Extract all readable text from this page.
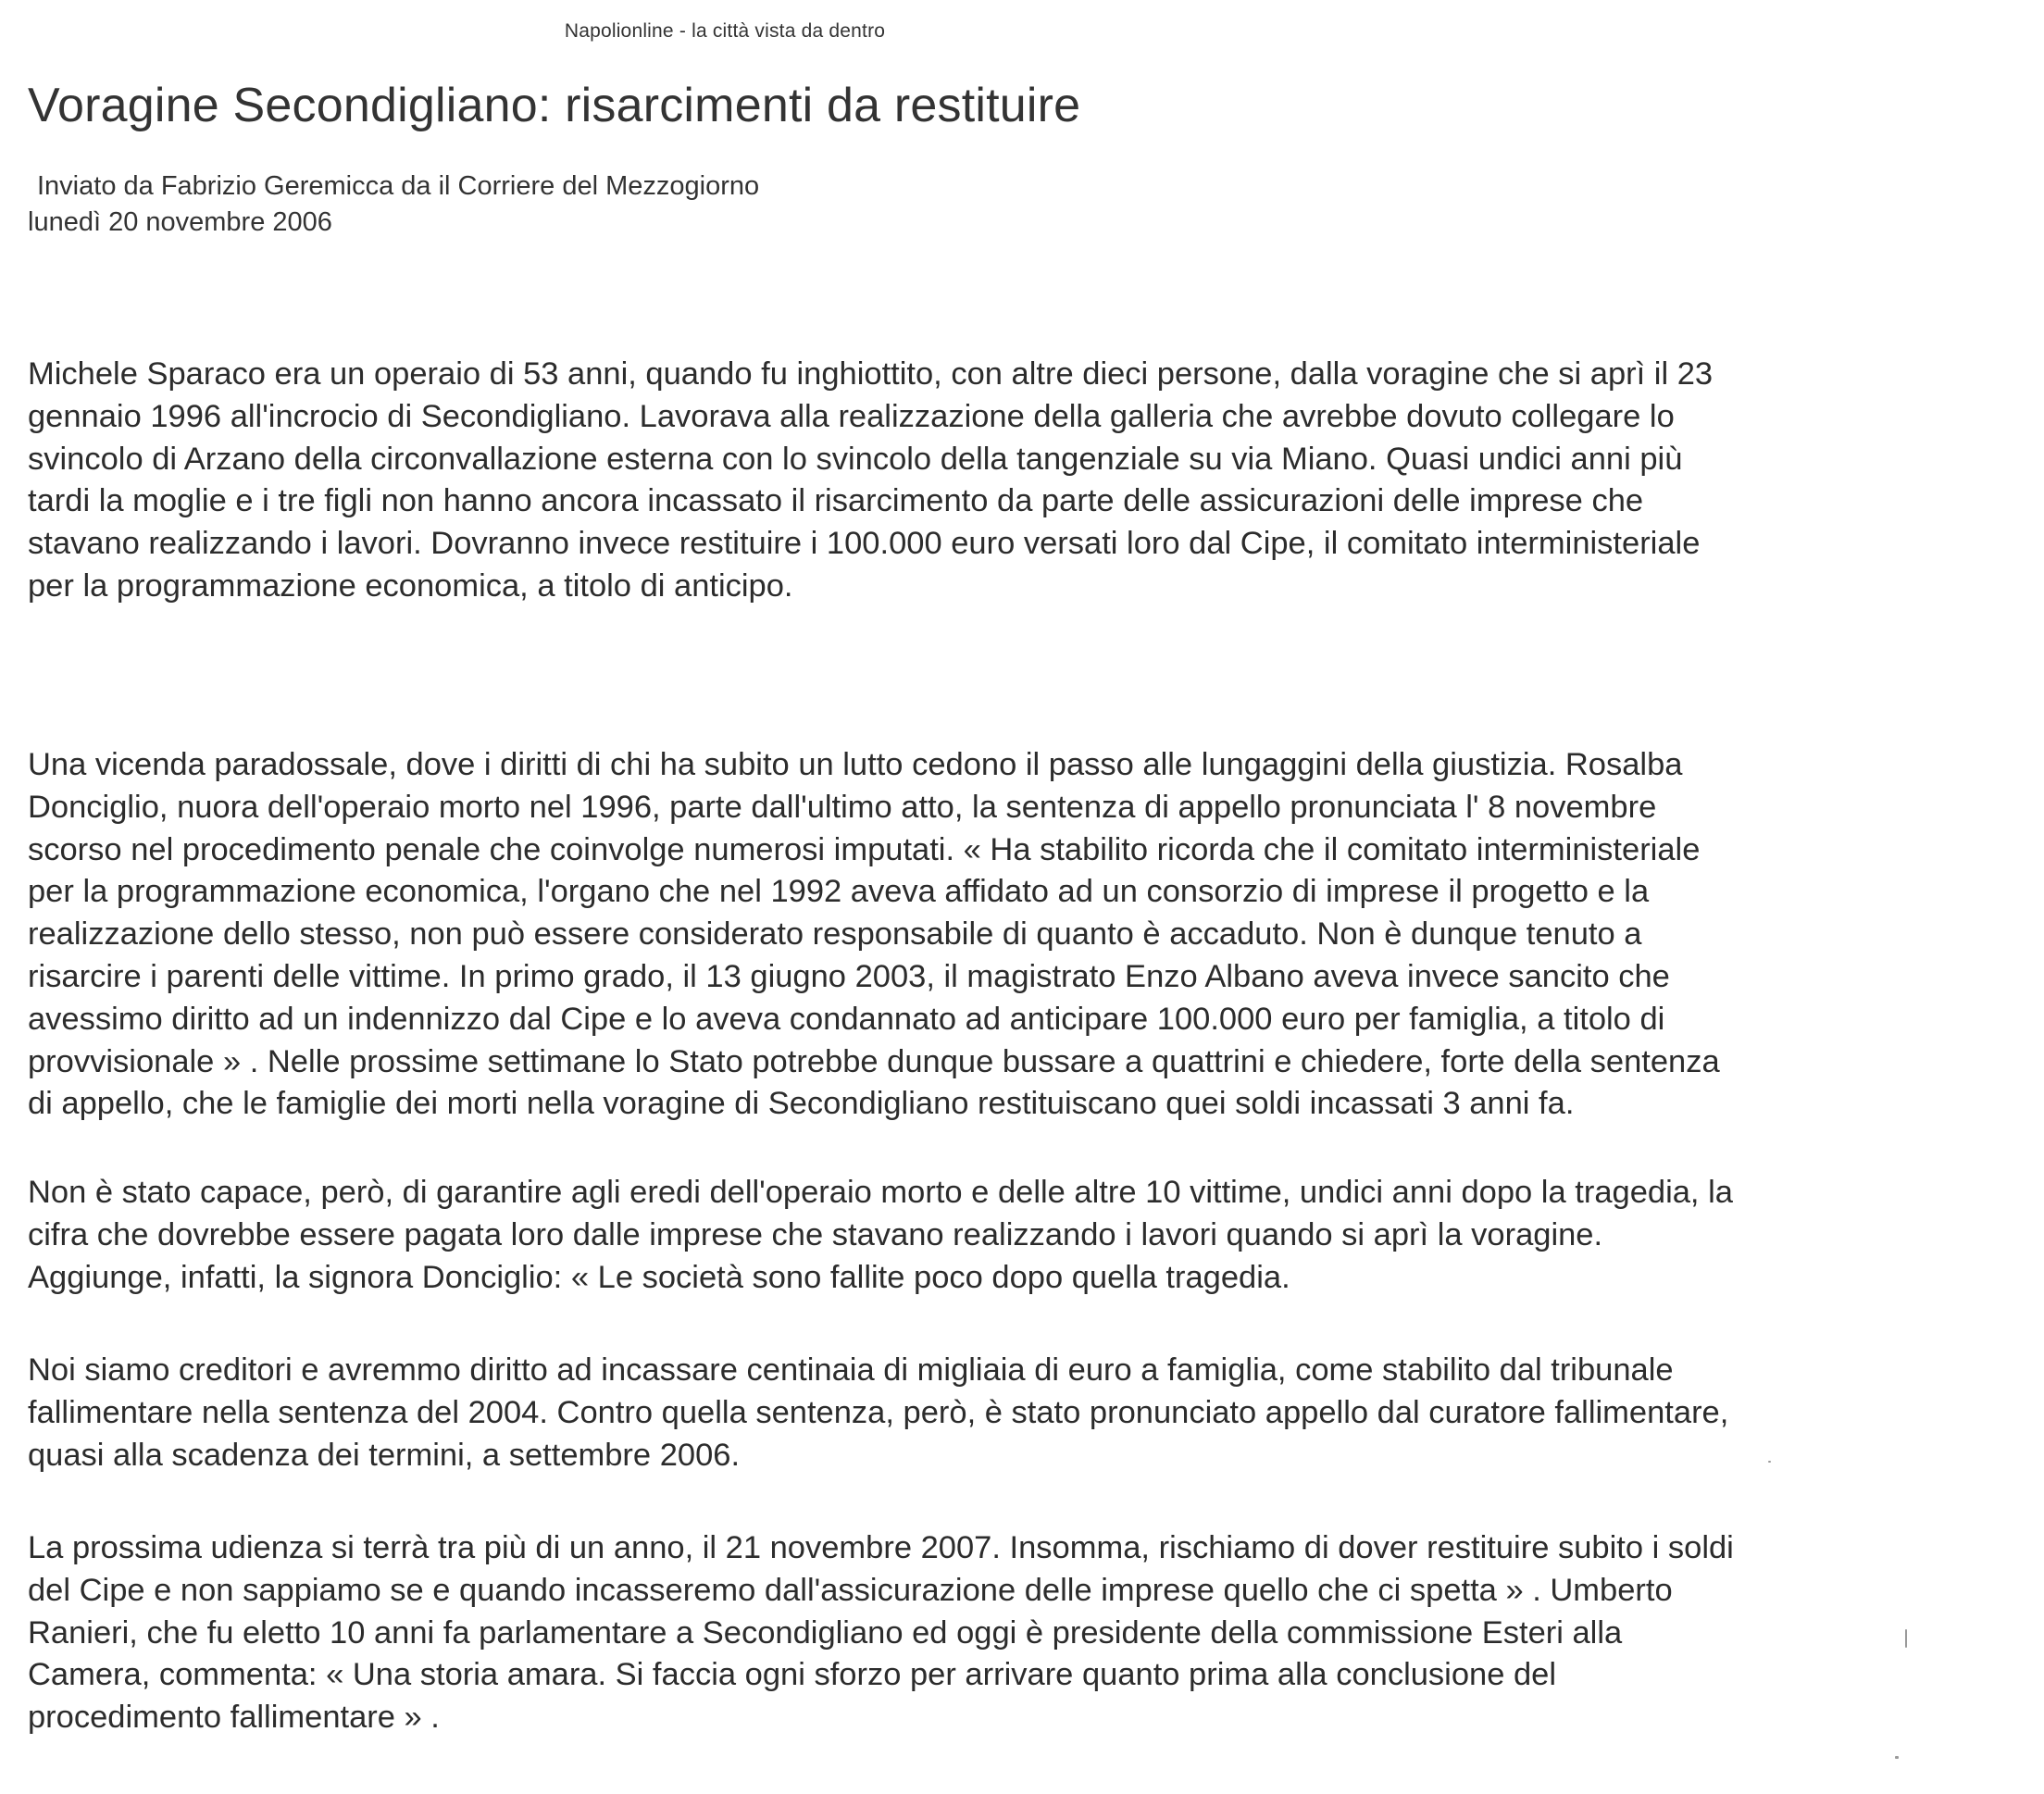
Napolionline - la città vista da dentro
Voragine Secondigliano: risarcimenti da restituire
Inviato da Fabrizio Geremicca da il Corriere del Mezzogiorno
lunedì 20 novembre 2006

Michele Sparaco era un operaio di 53 anni, quando fu inghiottito, con altre dieci persone, dalla voragine che si aprì il 23
gennaio 1996 all'incrocio di Secondigliano. Lavorava alla realizzazione della galleria che avrebbe dovuto collegare lo
svincolo di Arzano della circonvallazione esterna con lo svincolo della tangenziale su via Miano. Quasi undici anni più
tardi la moglie e i tre figli non hanno ancora incassato il risarcimento da parte delle assicurazioni delle imprese che
stavano realizzando i lavori. Dovranno invece restituire i 100.000 euro versati loro dal Cipe, il comitato interministeriale
per la programmazione economica, a titolo di anticipo.

Una vicenda paradossale, dove i diritti di chi ha subito un lutto cedono il passo alle lungaggini della giustizia. Rosalba
Donciglio, nuora dell'operaio morto nel 1996, parte dall'ultimo atto, la sentenza di appello pronunciata l' 8 novembre
scorso nel procedimento penale che coinvolge numerosi imputati. « Ha stabilito ricorda che il comitato interministeriale
per la programmazione economica, l'organo che nel 1992 aveva affidato ad un consorzio di imprese il progetto e la
realizzazione dello stesso, non può essere considerato responsabile di quanto è accaduto. Non è dunque tenuto a
risarcire i parenti delle vittime. In primo grado, il 13 giugno 2003, il magistrato Enzo Albano aveva invece sancito che
avessimo diritto ad un indennizzo dal Cipe e lo aveva condannato ad anticipare 100.000 euro per famiglia, a titolo di
provvisionale » . Nelle prossime settimane lo Stato potrebbe dunque bussare a quattrini e chiedere, forte della sentenza
di appello, che le famiglie dei morti nella voragine di Secondigliano restituiscano quei soldi incassati 3 anni fa.

Non è stato capace, però, di garantire agli eredi dell'operaio morto e delle altre 10 vittime, undici anni dopo la tragedia, la
cifra che dovrebbe essere pagata loro dalle imprese che stavano realizzando i lavori quando si aprì la voragine.
Aggiunge, infatti, la signora Donciglio: « Le società sono fallite poco dopo quella tragedia.

Noi siamo creditori e avremmo diritto ad incassare centinaia di migliaia di euro a famiglia, come stabilito dal tribunale
fallimentare nella sentenza del 2004. Contro quella sentenza, però, è stato pronunciato appello dal curatore fallimentare,
quasi alla scadenza dei termini, a settembre 2006.

La prossima udienza si terrà tra più di un anno, il 21 novembre 2007. Insomma, rischiamo di dover restituire subito i soldi
del Cipe e non sappiamo se e quando incasseremo dall'assicurazione delle imprese quello che ci spetta » . Umberto
Ranieri, che fu eletto 10 anni fa parlamentare a Secondigliano ed oggi è presidente della commissione Esteri alla
Camera, commenta: « Una storia amara. Si faccia ogni sforzo per arrivare quanto prima alla conclusione del
procedimento fallimentare » .
